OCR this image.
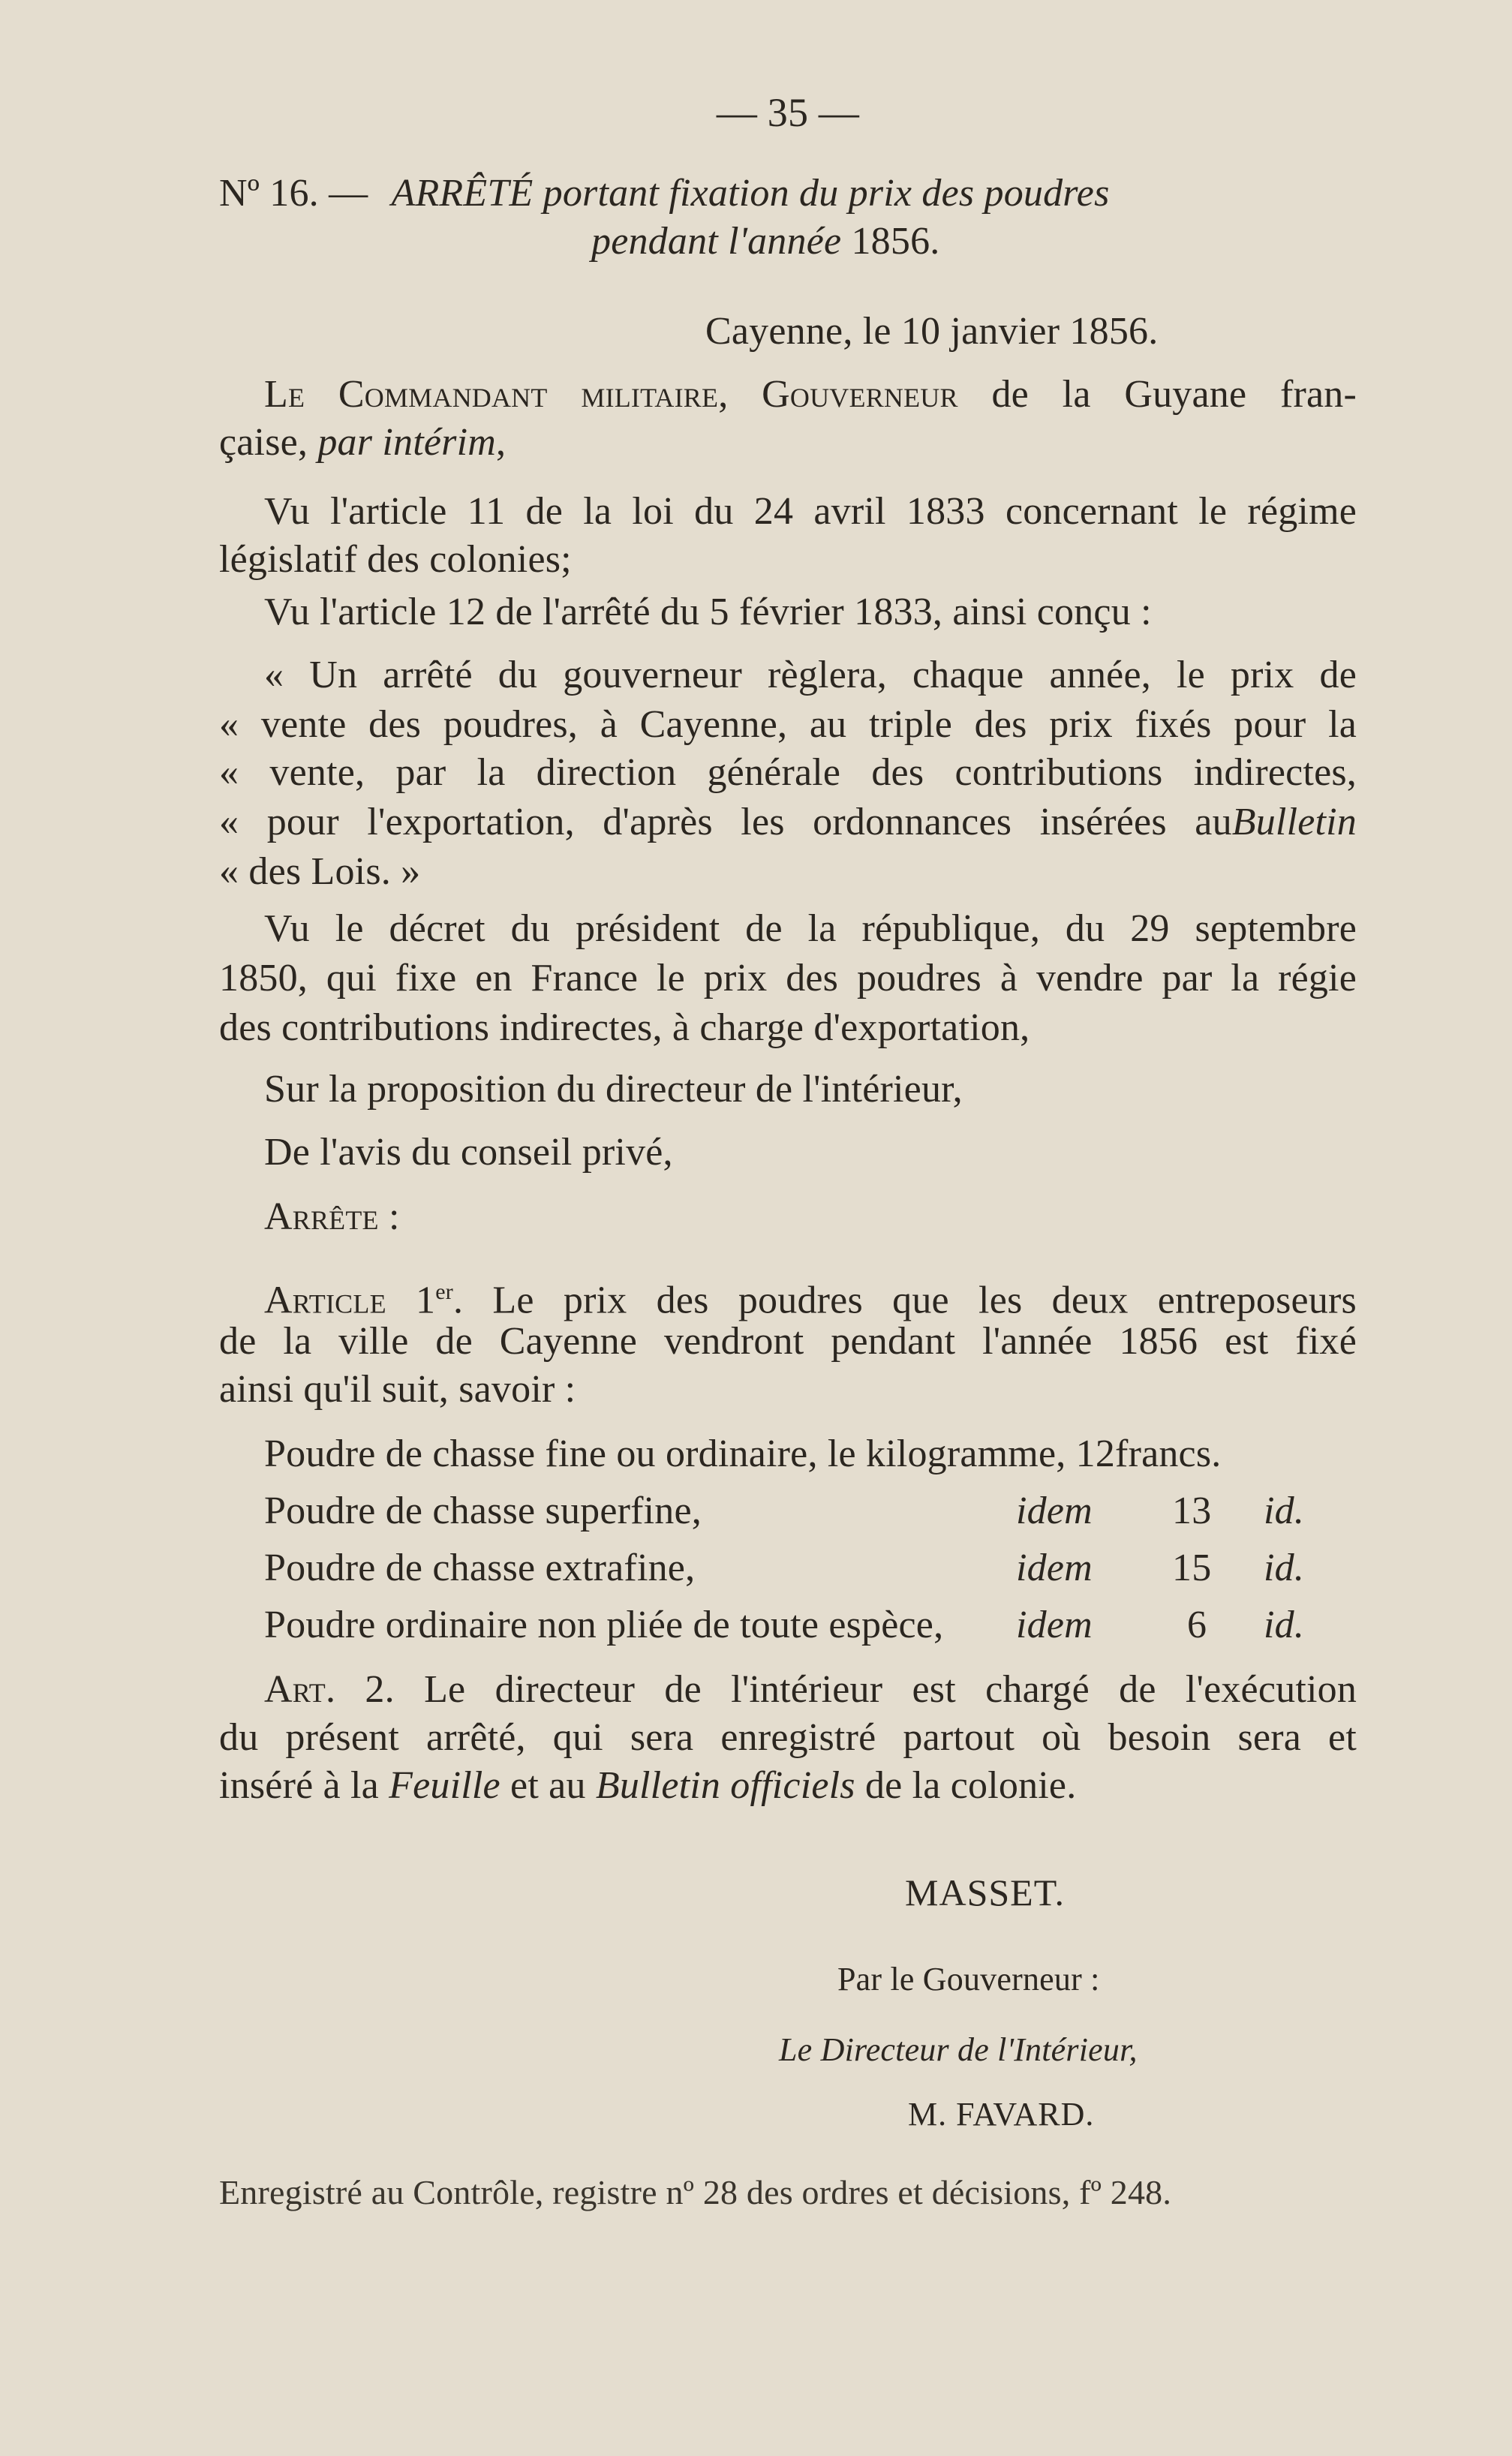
— 35 —
Nº 16. — ARRÊTÉ portant fixation du prix des poudres
pendant l'année 1856.
Cayenne, le 10 janvier 1856.
Le Commandant militaire, Gouverneur de la Guyane fran-
çaise, par intérim,
Vu l'article 11 de la loi du 24 avril 1833 concernant le régime
législatif des colonies;
Vu l'article 12 de l'arrêté du 5 février 1833, ainsi conçu :
« Un arrêté du gouverneur règlera, chaque année, le prix de
« vente des poudres, à Cayenne, au triple des prix fixés pour la
« vente, par la direction générale des contributions indirectes,
« pour l'exportation, d'après les ordonnances insérées auBulletin
« des Lois. »
Vu le décret du président de la république, du 29 septembre
1850, qui fixe en France le prix des poudres à vendre par la régie
des contributions indirectes, à charge d'exportation,
Sur la proposition du directeur de l'intérieur,
De l'avis du conseil privé,
Arrête :
Article 1er. Le prix des poudres que les deux entreposeurs
de la ville de Cayenne vendront pendant l'année 1856 est fixé
ainsi qu'il suit, savoir :
Poudre de chasse fine ou ordinaire, le kilogramme, 12francs.
Poudre de chasse superfine,	idem 13 id.
Poudre de chasse extrafine,	idem 15 id.
Poudre ordinaire non pliée de toute espèce, idem 6 id.
Art. 2. Le directeur de l'intérieur est chargé de l'exécution
du présent arrêté, qui sera enregistré partout où besoin sera et
inséré à la Feuille et au Bulletin officiels de la colonie.
MASSET.
Par le Gouverneur :
Le Directeur de l'Intérieur,
M. FAVARD.
Enregistré au Contrôle, registre nº 28 des ordres et décisions, fº 248.
